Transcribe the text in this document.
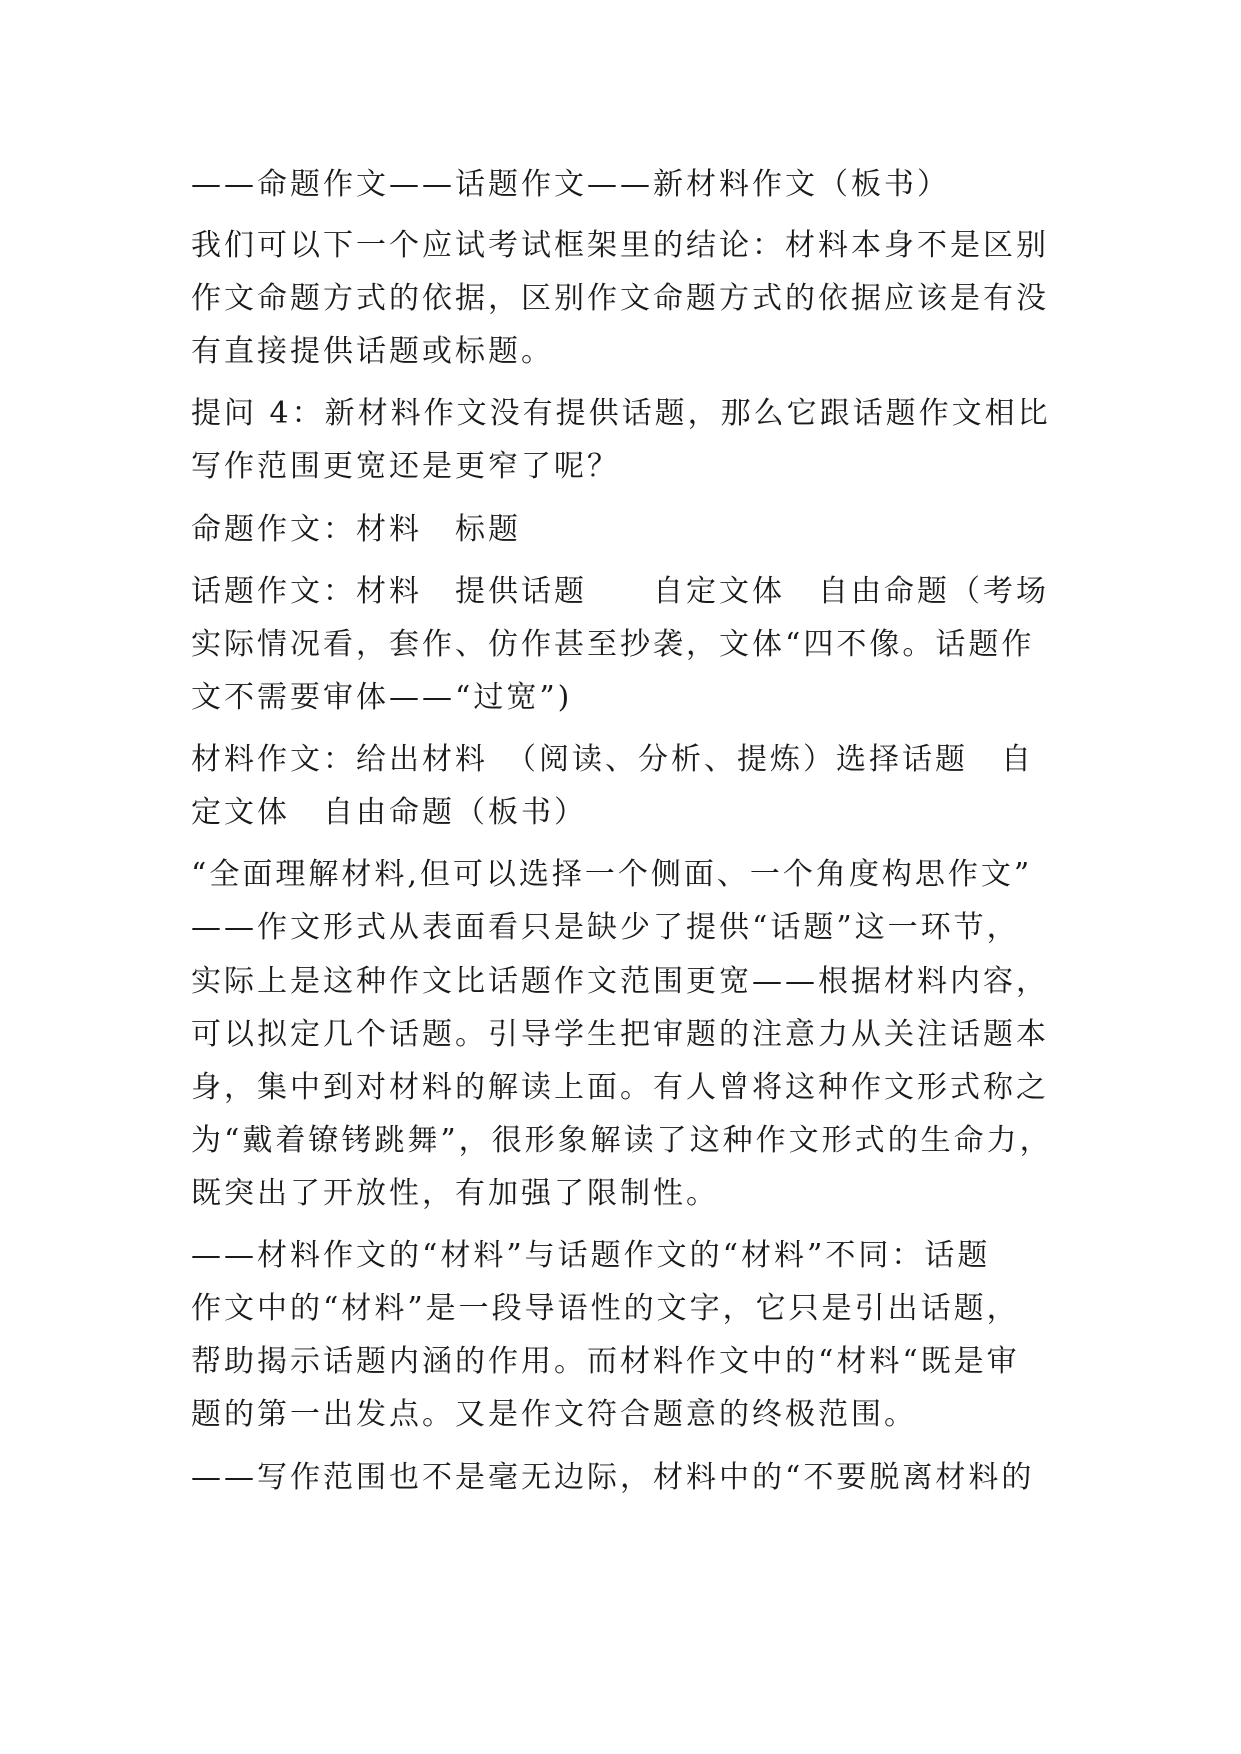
——命题作文——话题作文——新材料作文（板书）
我们可以下一个应试考试框架里的结论：材料本身不是区别
作文命题方式的依据，区别作文命题方式的依据应该是有没
有直接提供话题或标题。
提问 4：新材料作文没有提供话题，那么它跟话题作文相比
写作范围更宽还是更窄了呢？
命题作文：材料　标题
话题作文：材料　提供话题　　自定文体　自由命题（考场
实际情况看，套作、仿作甚至抄袭，文体“四不像。话题作
文不需要审体——“过宽”)
材料作文：给出材料　（阅读、分析、提炼）选择话题　自
定文体　自由命题（板书）
“全面理解材料,但可以选择一个侧面、一个角度构思作文”
——作文形式从表面看只是缺少了提供“话题”这一环节，
实际上是这种作文比话题作文范围更宽——根据材料内容，
可以拟定几个话题。引导学生把审题的注意力从关注话题本
身，集中到对材料的解读上面。有人曾将这种作文形式称之
为“戴着镣铐跳舞”，很形象解读了这种作文形式的生命力，
既突出了开放性，有加强了限制性。
——材料作文的“材料”与话题作文的“材料”不同：话题
作文中的“材料”是一段导语性的文字，它只是引出话题，
帮助揭示话题内涵的作用。而材料作文中的“材料“既是审
题的第一出发点。又是作文符合题意的终极范围。
——写作范围也不是毫无边际，材料中的“不要脱离材料的
